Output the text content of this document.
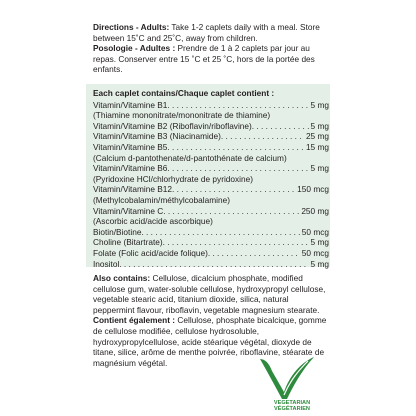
Directions - Adults: Take 1-2 caplets daily with a meal. Store between 15˚C and 25˚C, away from children.

Posologie - Adultes : Prendre de 1 à 2 caplets par jour au repas. Conserver entre 15 ˚C et 25 ˚C, hors de la portée des enfants.

Each caplet contains/Chaque caplet contient :
Vitamin/Vitamine B1 . . .	5 mg
(Thiamine mononitrate/mononitrate de thiamine)
Vitamin/Vitamine B2 (Riboflavin/riboflavine) . . .	5 mg
Vitamin/Vitamine B3 (Niacinamide) . . .	25 mg
Vitamin/Vitamine B5 . . .	15 mg
(Calcium d-pantothenate/d-pantothénate de calcium)
Vitamin/Vitamine B6 . . .	5 mg
(Pyridoxine HCl/chlorhydrate de pyridoxine)
Vitamin/Vitamine B12 . . .	150 mcg
(Methylcobalamin/méthylcobalamine)
Vitamin/Vitamine C . . .	250 mg
(Ascorbic acid/acide ascorbique)
Biotin/Biotine . . .	50 mcg
Choline (Bitartrate) . . .	5 mg
Folate (Folic acid/acide folique) . . .	50 mcg
Inositol . . .	5 mg

Also contains: Cellulose, dicalcium phosphate, modified cellulose gum, water-soluble cellulose, hydroxypropyl cellulose, vegetable stearic acid, titanium dioxide, silica, natural peppermint flavour, riboflavin, vegetable magnesium stearate.

Contient également : Cellulose, phosphate bicalcique, gomme de cellulose modifiée, cellulose hydrosoluble, hydroxypropylcellulose, acide stéarique végétal, dioxyde de titane, silice, arôme de menthe poivrée, riboflavine, stéarate de magnésium végétal.

VEGETARIAN
VÉGÉTARIEN
